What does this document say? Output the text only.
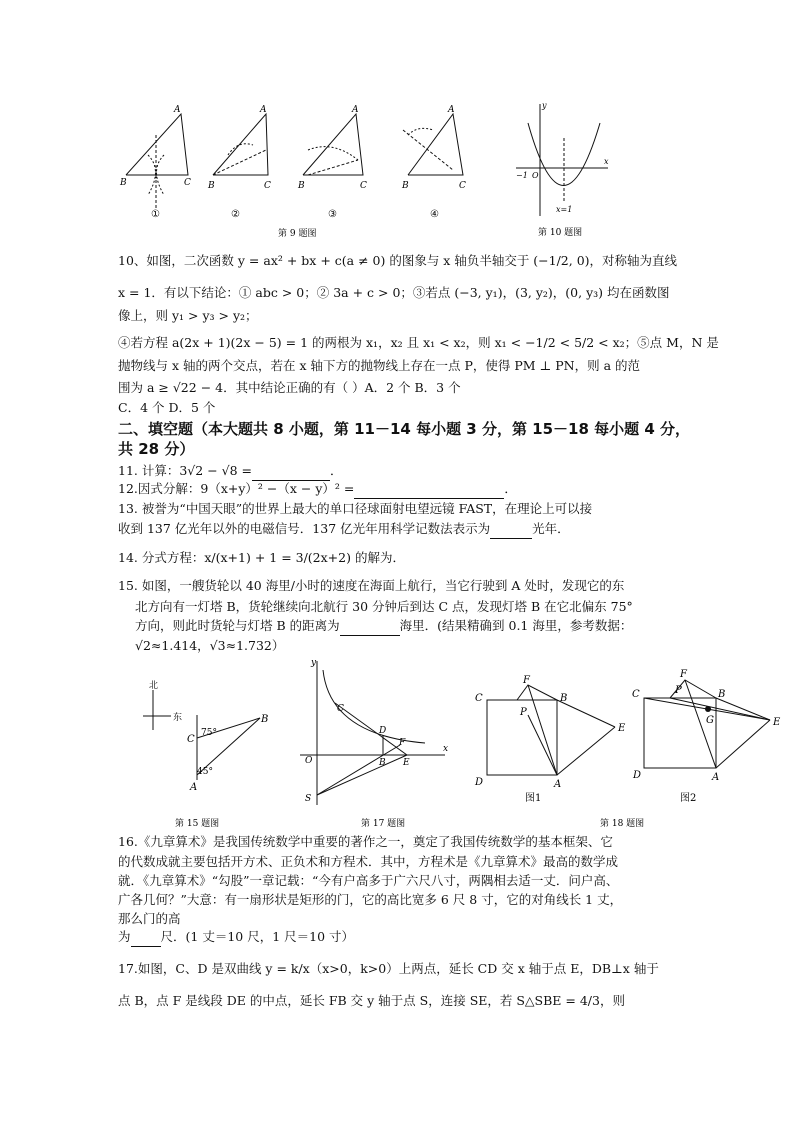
A
B	C
A
B	C
A
B	C
A
B	C
①	②	③	④
第 9 题图
y
x
O
−1
x=1
第 10 题图
10、如图，二次函数 y = ax² + bx + c(a ≠ 0) 的图象与 x 轴负半轴交于 (−1/2, 0)，对称轴为直线
x = 1．有以下结论：① abc > 0；② 3a + c > 0；③若点 (−3, y₁)，(3, y₂)，(0, y₃) 均在函数图
像上，则 y₁ > y₃ > y₂；
④若方程 a(2x + 1)(2x − 5) = 1 的两根为 x₁，x₂ 且 x₁ < x₂，则 x₁ < −1/2 < 5/2 < x₂；⑤点 M，N 是
抛物线与 x 轴的两个交点，若在 x 轴下方的抛物线上存在一点 P，使得 PM ⊥ PN，则 a 的范
围为 a ≥ √22 − 4．其中结论正确的有（ ）A．2 个 B．3 个
C．4 个 D．5 个
二、填空题（本大题共 8 小题，第 11－14 每小题 3 分，第 15－18 每小题 4 分，
共 28 分）
11. 计算：3√2 − √8 =	．
12.因式分解：9（x+y）² −（x − y）² =	．
13. 被誉为“中国天眼”的世界上最大的单口径球面射电望远镜 FAST，在理论上可以接
收到 137 亿光年以外的电磁信号．137 亿光年用科学记数法表示为	光年．
14. 分式方程：x/(x+1) + 1 = 3/(2x+2) 的解为．
15. 如图，一艘货轮以 40 海里/小时的速度在海面上航行，当它行驶到 A 处时，发现它的东
北方向有一灯塔 B，货轮继续向北航行 30 分钟后到达 C 点，发现灯塔 B 在它北偏东 75°
方向，则此时货轮与灯塔 B 的距离为	海里．(结果精确到 0.1 海里，参考数据：
√2≈1.414，√3≈1.732）
北
东
75°
45°
B
C
A
第 15 题图
y
x
O
C
D
B
F
E
S
第 17 题图
C
F
B
P
E
D	A
C
F
B
P
G	E
D	A
图1	图2
第 18 题图
16.《九章算术》是我国传统数学中重要的著作之一，奠定了我国传统数学的基本框架、它
的代数成就主要包括开方术、正负术和方程术．其中，方程术是《九章算术》最高的数学成
就．《九章算术》“勾股”一章记载：“今有户高多于广六尺八寸，两隅相去适一丈．问户高、
广各几何？”大意：有一扇形状是矩形的门，它的高比宽多 6 尺 8 寸，它的对角线长 1 丈，
那么门的高
为 尺．(1 丈＝10 尺，1 尺＝10 寸）
17.如图，C、D 是双曲线 y = k/x（x>0，k>0）上两点，延长 CD 交 x 轴于点 E，DB⊥x 轴于
点 B，点 F 是线段 DE 的中点，延长 FB 交 y 轴于点 S，连接 SE，若 S△SBE = 4/3，则
